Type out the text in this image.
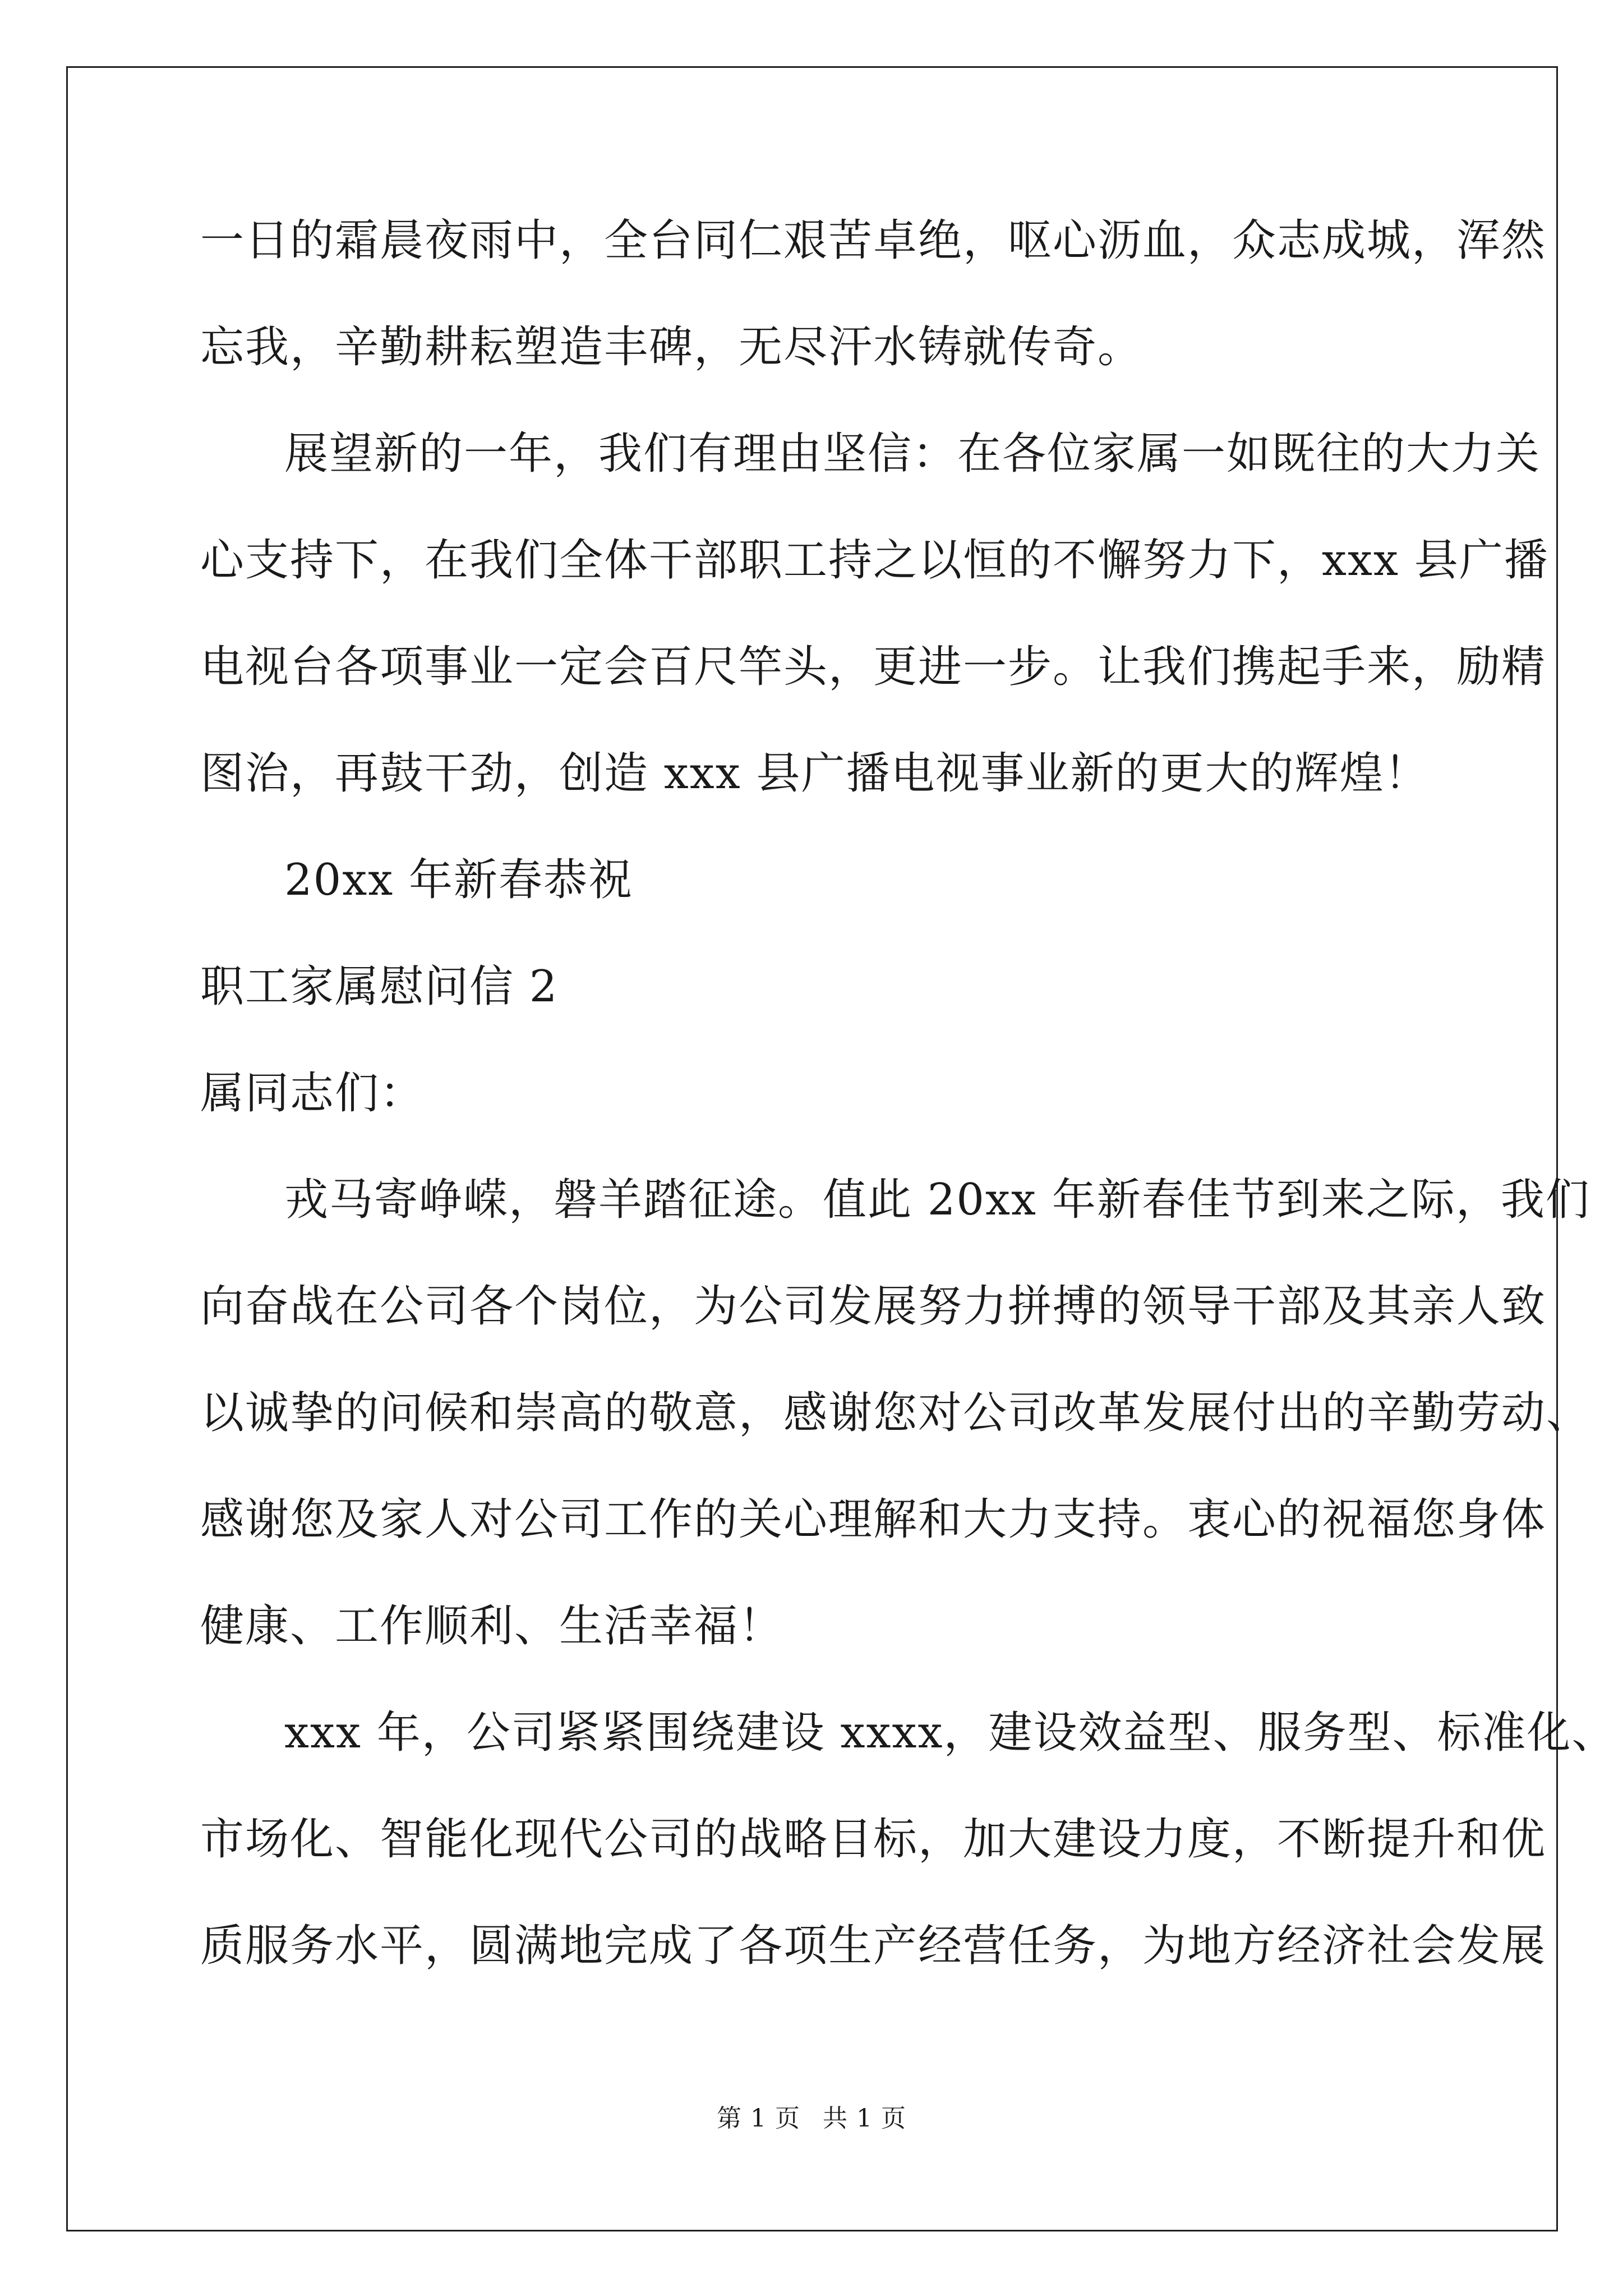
一日的霜晨夜雨中，全台同仁艰苦卓绝，呕心沥血，众志成城，浑然
忘我，辛勤耕耘塑造丰碑，无尽汗水铸就传奇。
展望新的一年，我们有理由坚信：在各位家属一如既往的大力关
心支持下，在我们全体干部职工持之以恒的不懈努力下，xxx 县广播
电视台各项事业一定会百尺竿头，更进一步。让我们携起手来，励精
图治，再鼓干劲，创造 xxx 县广播电视事业新的更大的辉煌！
20xx 年新春恭祝
职工家属慰问信 2
属同志们：
戎马寄峥嵘，磐羊踏征途。值此 20xx 年新春佳节到来之际，我们
向奋战在公司各个岗位，为公司发展努力拼搏的领导干部及其亲人致
以诚挚的问候和崇高的敬意，感谢您对公司改革发展付出的辛勤劳动、
感谢您及家人对公司工作的关心理解和大力支持。衷心的祝福您身体
健康、工作顺利、生活幸福！
xxx 年，公司紧紧围绕建设 xxxx，建设效益型、服务型、标准化、
市场化、智能化现代公司的战略目标，加大建设力度，不断提升和优
质服务水平，圆满地完成了各项生产经营任务，为地方经济社会发展
第 1 页 共 1 页
